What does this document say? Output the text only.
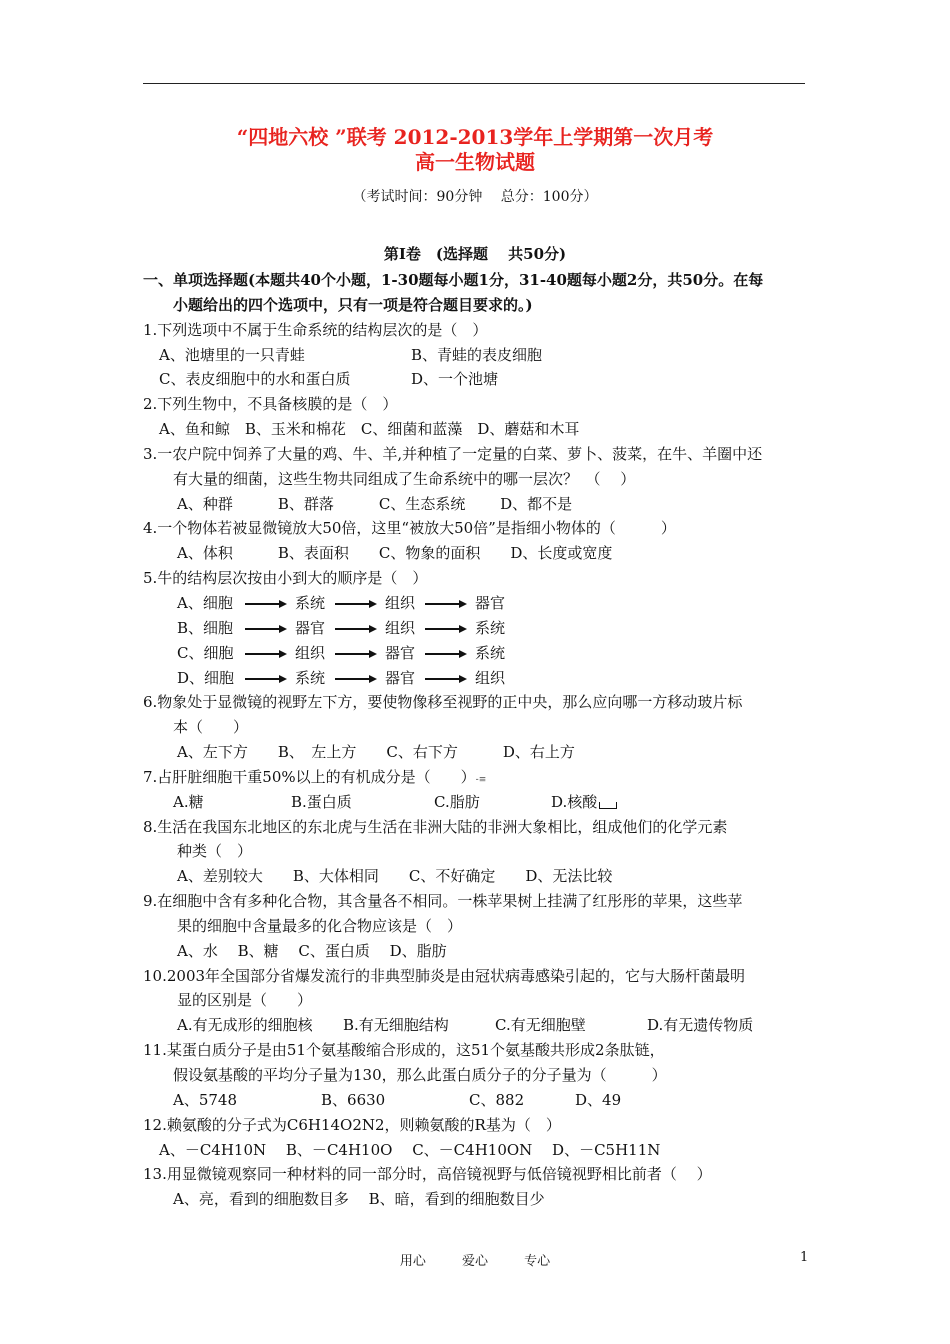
“四地六校 ”联考 2012-2013学年上学期第一次月考
高一生物试题
（考试时间：90分钟　 总分：100分）
第Ⅰ卷　(选择题　 共50分)
一、单项选择题(本题共40个小题，1-30题每小题1分，31-40题每小题2分，共50分。在每
小题给出的四个选项中，只有一项是符合题目要求的。)
1.下列选项中不属于生命系统的结构层次的是（　）
A、池塘里的一只青蛙	B、青蛙的表皮细胞
C、表皮细胞中的水和蛋白质	D、一个池塘
2.下列生物中，不具备核膜的是（　）
A、鱼和鲸　B、玉米和棉花　C、细菌和蓝藻　D、蘑菇和木耳
3.一农户院中饲养了大量的鸡、牛、羊,并种植了一定量的白菜、萝卜、菠菜，在牛、羊圈中还
有大量的细菌，这些生物共同组成了生命系统中的哪一层次？　（　 ）
A、种群　　　B、群落　　　C、生态系统　　 D、都不是
4.一个物体若被显微镜放大50倍，这里“被放大50倍”是指细小物体的（　　　）
A、体积　　　B、表面积　　C、物象的面积　　D、长度或宽度
5.牛的结构层次按由小到大的顺序是（　）
A、细胞	系统	组织	器官
B、细胞	器官	组织	系统
C、细胞	组织	器官	系统
D、细胞	系统	器官	组织
6.物象处于显微镜的视野左下方，要使物像移至视野的正中央，那么应向哪一方移动玻片标
本（　　）
A、左下方　　B、　左上方　　C、右下方　　　D、右上方
7.占肝脏细胞干重50%以上的有机成分是（　　）-≡
A.糖	B.蛋白质	C.脂肪	D.核酸
8.生活在我国东北地区的东北虎与生活在非洲大陆的非洲大象相比，组成他们的化学元素
种类（　）
A、差别较大　　B、大体相同　　C、不好确定　　D、无法比较
9.在细胞中含有多种化合物，其含量各不相同。一株苹果树上挂满了红彤彤的苹果，这些苹
果的细胞中含量最多的化合物应该是（　）
A、水　 B、糖　 C、蛋白质　 D、脂肪
10.2003年全国部分省爆发流行的非典型肺炎是由冠状病毒感染引起的，它与大肠杆菌最明
显的区别是（　　）
A.有无成形的细胞核 B.有无细胞结构	C.有无细胞壁	D.有无遗传物质
11.某蛋白质分子是由51个氨基酸缩合形成的，这51个氨基酸共形成2条肽链，
假设氨基酸的平均分子量为130，那么此蛋白质分子的分子量为（　　　）
A、5748	B、6630	C、882	D、49
12.赖氨酸的分子式为C6H14O2N2，则赖氨酸的R基为（　）
A、－C4H10N　 B、－C4H10O　 C、－C4H10ON　 D、－C5H11N
13.用显微镜观察同一种材料的同一部分时，高倍镜视野与低倍镜视野相比前者（　 ）
A、亮，看到的细胞数目多　 B、暗，看到的细胞数目少
用心	爱心	专心	1
